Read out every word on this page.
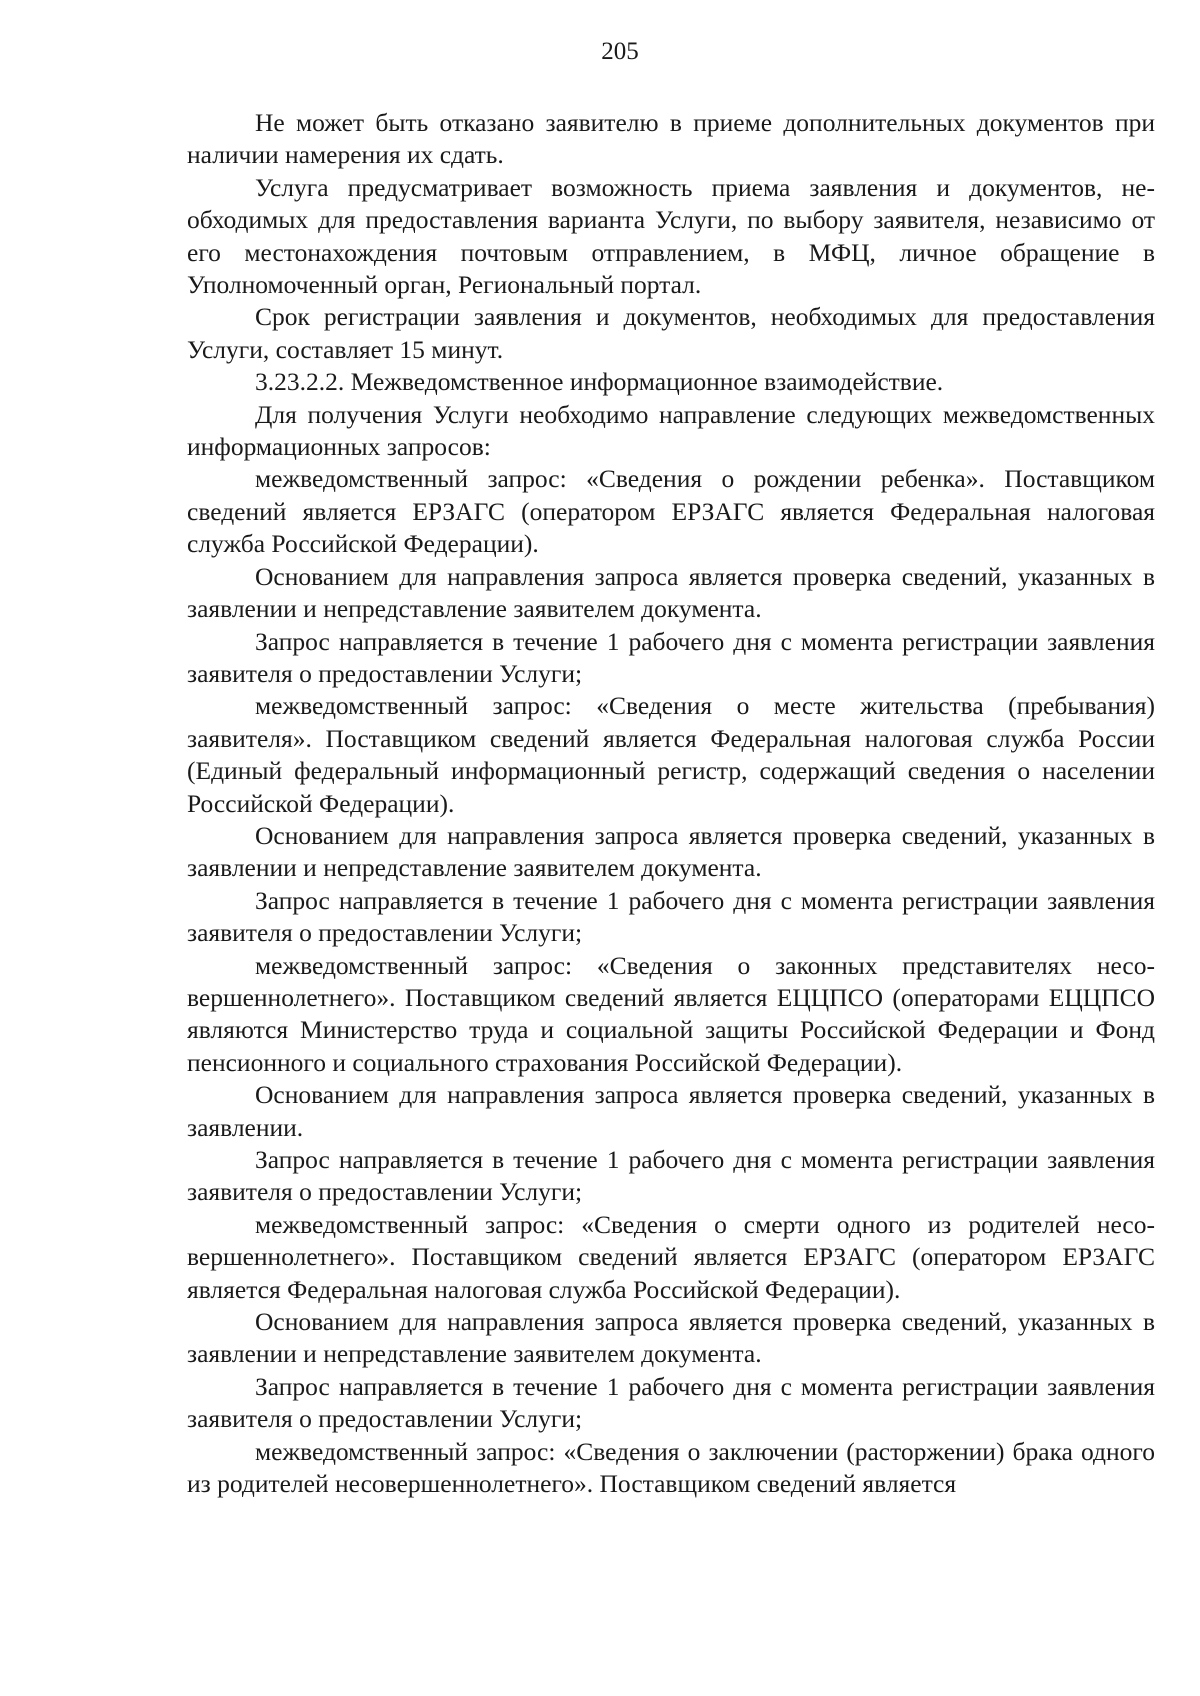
205

Не может быть отказано заявителю в приеме дополнительных документов при наличии намерения их сдать.

Услуга предусматривает возможность приема заявления и документов, необходимых для предоставления варианта Услуги, по выбору заявителя, независимо от его местонахождения почтовым отправлением, в МФЦ, личное обращение в Уполномоченный орган, Региональный портал.

Срок регистрации заявления и документов, необходимых для предоставления Услуги, составляет 15 минут.

3.23.2.2. Межведомственное информационное взаимодействие.

Для получения Услуги необходимо направление следующих межведомственных информационных запросов:

межведомственный запрос: «Сведения о рождении ребенка». Поставщиком сведений является ЕРЗАГС (оператором ЕРЗАГС является Федеральная налоговая служба Российской Федерации).

Основанием для направления запроса является проверка сведений, указанных в заявлении и непредставление заявителем документа.

Запрос направляется в течение 1 рабочего дня с момента регистрации заявления заявителя о предоставлении Услуги;

межведомственный запрос: «Сведения о месте жительства (пребывания) заявителя». Поставщиком сведений является Федеральная налоговая служба России (Единый федеральный информационный регистр, содержащий сведения о населении Российской Федерации).

Основанием для направления запроса является проверка сведений, указанных в заявлении и непредставление заявителем документа.

Запрос направляется в течение 1 рабочего дня с момента регистрации заявления заявителя о предоставлении Услуги;

межведомственный запрос: «Сведения о законных представителях несовершеннолетнего». Поставщиком сведений является ЕЦЦПСО (операторами ЕЦЦПСО являются Министерство труда и социальной защиты Российской Федерации и Фонд пенсионного и социального страхования Российской Федерации).

Основанием для направления запроса является проверка сведений, указанных в заявлении.

Запрос направляется в течение 1 рабочего дня с момента регистрации заявления заявителя о предоставлении Услуги;

межведомственный запрос: «Сведения о смерти одного из родителей несовершеннолетнего». Поставщиком сведений является ЕРЗАГС (оператором ЕРЗАГС является Федеральная налоговая служба Российской Федерации).

Основанием для направления запроса является проверка сведений, указанных в заявлении и непредставление заявителем документа.

Запрос направляется в течение 1 рабочего дня с момента регистрации заявления заявителя о предоставлении Услуги;

межведомственный запрос: «Сведения о заключении (расторжении) брака одного из родителей несовершеннолетнего». Поставщиком сведений является
